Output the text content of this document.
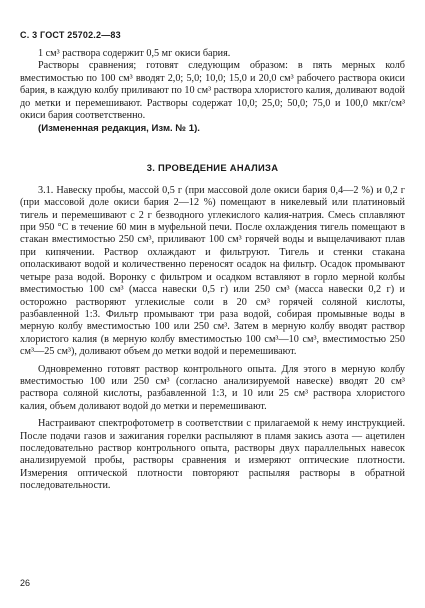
С. 3 ГОСТ 25702.2—83

1 см³ раствора содержит 0,5 мг окиси бария.

Растворы сравнения; готовят следующим образом: в пять мерных колб вместимостью по 100 см³ вводят 2,0; 5,0; 10,0; 15,0 и 20,0 см³ рабочего раствора окиси бария, в каждую колбу приливают по 10 см³ раствора хлористого калия, доливают водой до метки и перемешивают. Растворы содержат 10,0; 25,0; 50,0; 75,0 и 100,0 мкг/см³ окиси бария соответственно.

(Измененная редакция, Изм. № 1).

3. ПРОВЕДЕНИЕ АНАЛИЗА

3.1. Навеску пробы, массой 0,5 г (при массовой доле окиси бария 0,4—2 %) и 0,2 г (при массовой доле окиси бария 2—12 %) помещают в никелевый или платиновый тигель и перемешивают с 2 г безводного углекислого калия-натрия. Смесь сплавляют при 950 °С в течение 60 мин в муфельной печи. После охлаждения тигель помещают в стакан вместимостью 250 см³, приливают 100 см³ горячей воды и выщелачивают плав при кипячении. Раствор охлаждают и фильтруют. Тигель и стенки стакана ополаскивают водой и количественно переносят осадок на фильтр. Осадок промывают четыре раза водой. Воронку с фильтром и осадком вставляют в горло мерной колбы вместимостью 100 см³ (масса навески 0,5 г) или 250 см³ (масса навески 0,2 г) и осторожно растворяют углекислые соли в 20 см³ горячей соляной кислоты, разбавленной 1:3. Фильтр промывают три раза водой, собирая промывные воды в мерную колбу вместимостью 100 или 250 см³. Затем в мерную колбу вводят раствор хлористого калия (в мерную колбу вместимостью 100 см³—10 см³, вместимостью 250 см³—25 см³), доливают объем до метки водой и перемешивают.

Одновременно готовят раствор контрольного опыта. Для этого в мерную колбу вместимостью 100 или 250 см³ (согласно анализируемой навеске) вводят 20 см³ раствора соляной кислоты, разбавленной 1:3, и 10 или 25 см³ раствора хлористого калия, объем доливают водой до метки и перемешивают.

Настраивают спектрофотометр в соответствии с прилагаемой к нему инструкцией. После подачи газов и зажигания горелки распыляют в пламя закись азота — ацетилен последовательно раствор контрольного опыта, растворы двух параллельных навесок анализируемой пробы, растворы сравнения и измеряют оптические плотности. Измерения оптической плотности повторяют распыляя растворы в обратной последовательности.

26
